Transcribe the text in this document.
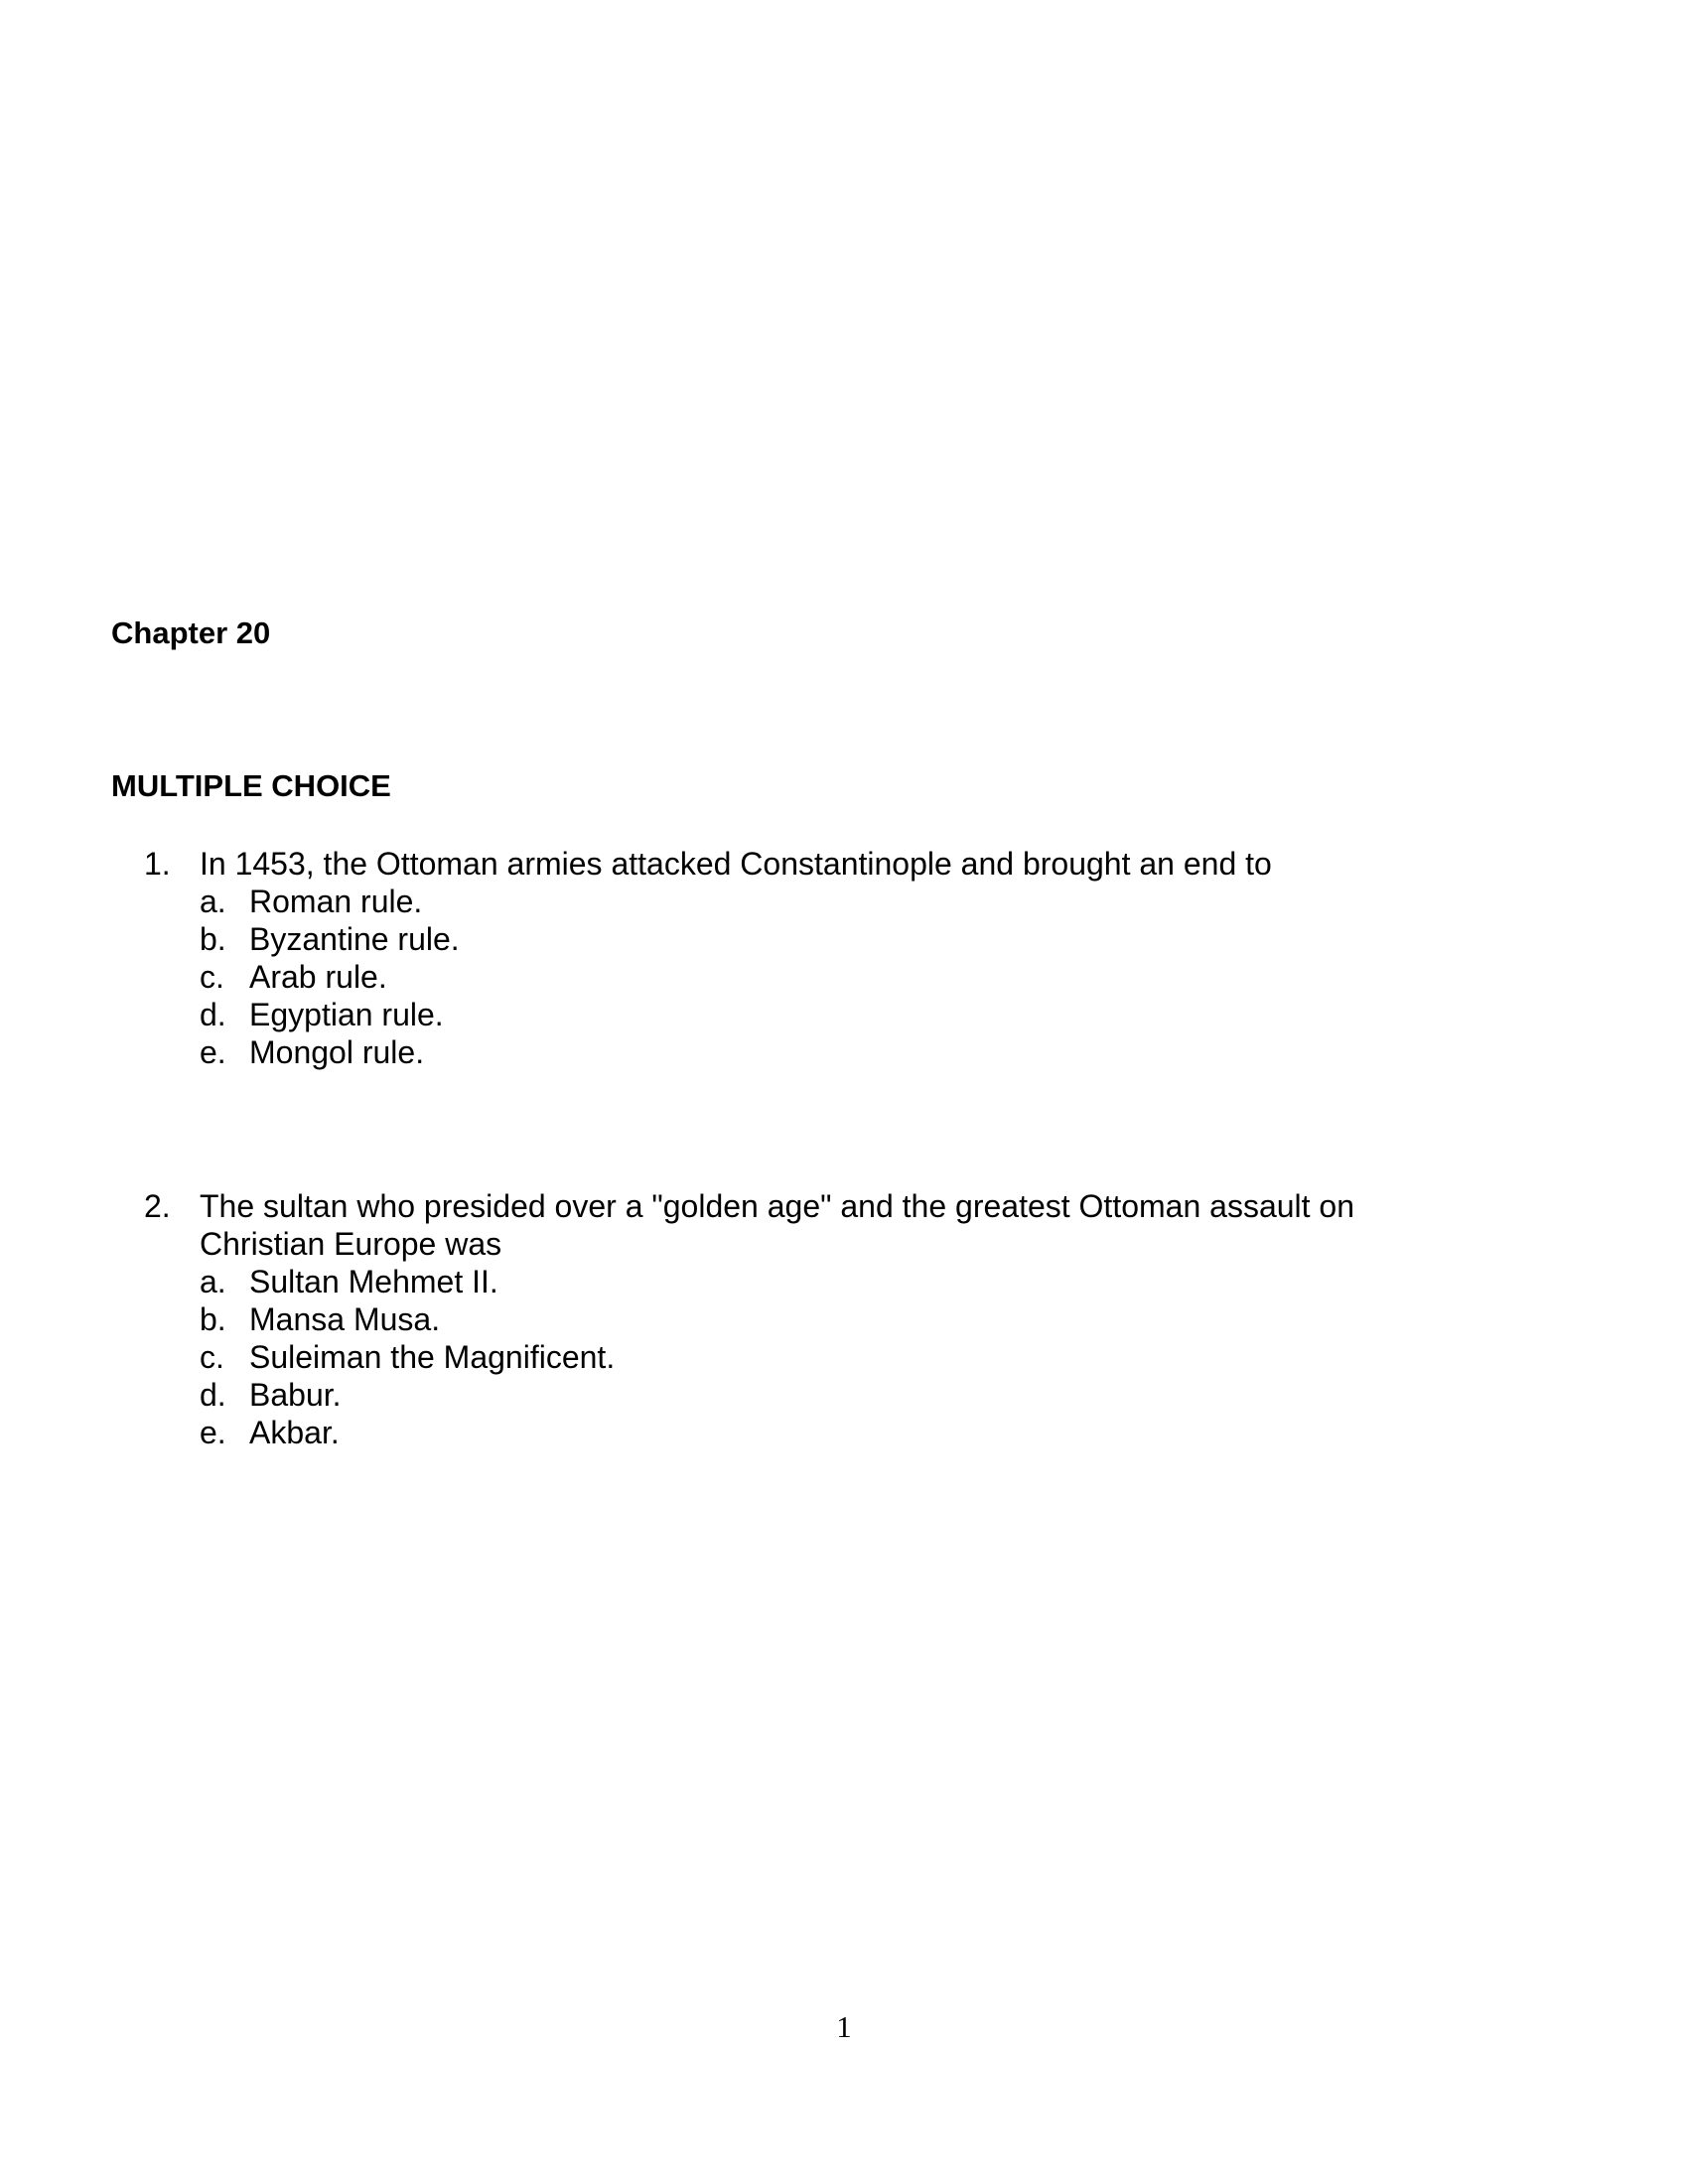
Chapter 20
MULTIPLE CHOICE
1. In 1453, the Ottoman armies attacked Constantinople and brought an end to
a. Roman rule.
b. Byzantine rule.
c. Arab rule.
d. Egyptian rule.
e. Mongol rule.
2. The sultan who presided over a "golden age" and the greatest Ottoman assault on Christian Europe was
a. Sultan Mehmet II.
b. Mansa Musa.
c. Suleiman the Magnificent.
d. Babur.
e. Akbar.
1
